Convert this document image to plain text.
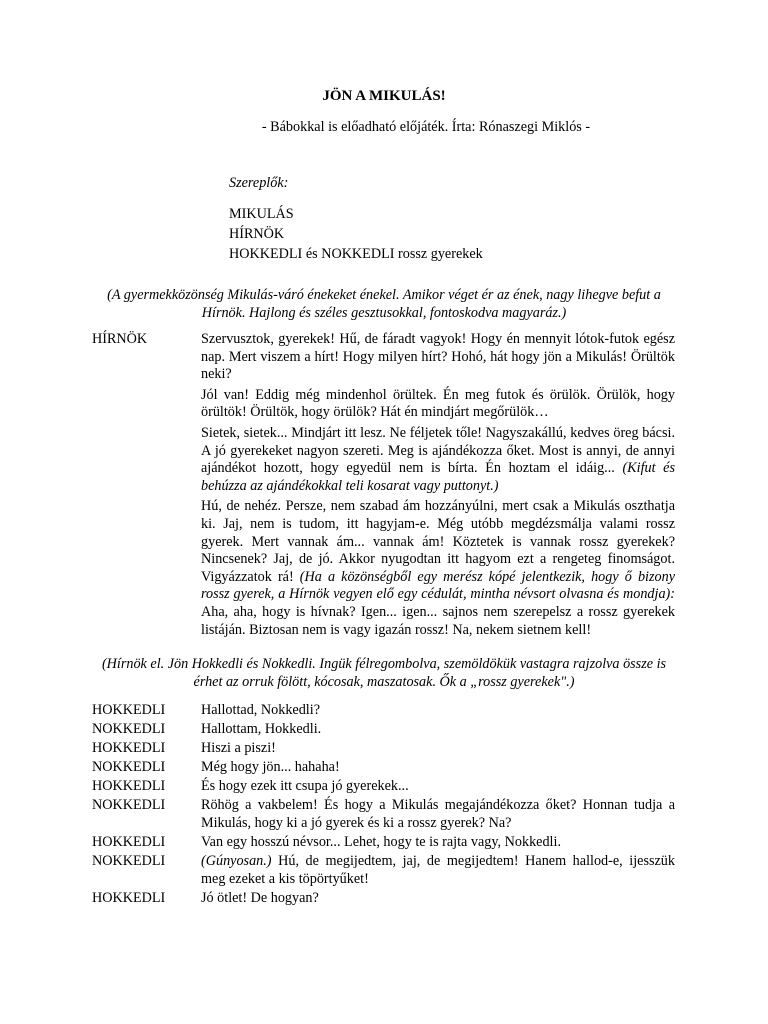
JÖN A MIKULÁS!
- Bábokkal is előadható előjáték. Írta: Rónaszegi Miklós -
Szereplők:
MIKULÁS
HÍRNÖK
HOKKEDLI és NOKKEDLI rossz gyerekek

(A gyermekközönség Mikulás-váró énekeket énekel. Amikor véget ér az ének, nagy lihegve befut a Hírnök. Hajlong és széles gesztusokkal, fontoskodva magyaráz.)

HÍRNÖK	Szervusztok, gyerekek! Hű, de fáradt vagyok! Hogy én mennyit lótok-futok egész nap. Mert viszem a hírt! Hogy milyen hírt? Hohó, hát hogy jön a Mikulás! Örültök neki?
Jól van! Eddig még mindenhol örültek. Én meg futok és örülök. Örülök, hogy örültök! Örültök, hogy örülök? Hát én mindjárt megőrülök…
Sietek, sietek... Mindjárt itt lesz. Ne féljetek tőle! Nagyszakállú, kedves öreg bácsi. A jó gyerekeket nagyon szereti. Meg is ajándékozza őket. Most is annyi, de annyi ajándékot hozott, hogy egyedül nem is bírta. Én hoztam el idáig... (Kifut és behúzza az ajándékokkal teli kosarat vagy puttonyt.)
Hú, de nehéz. Persze, nem szabad ám hozzányúlni, mert csak a Mikulás oszthatja ki. Jaj, nem is tudom, itt hagyjam-e. Még utóbb megdézsmálja valami rossz gyerek. Mert vannak ám... vannak ám! Köztetek is vannak rossz gyerekek? Nincsenek? Jaj, de jó. Akkor nyugodtan itt hagyom ezt a rengeteg finomságot. Vigyázzatok rá! (Ha a közönségből egy merész kópé jelentkezik, hogy ő bizony rossz gyerek, a Hírnök vegyen elő egy cédulát, mintha névsort olvasna és mondja): Aha, aha, hogy is hívnak? Igen... igen... sajnos nem szerepelsz a rossz gyerekek listáján. Biztosan nem is vagy igazán rossz! Na, nekem sietnem kell!

(Hírnök el. Jön Hokkedli és Nokkedli. Ingük félregombolva, szemöldökük vastagra rajzolva össze is érhet az orruk fölött, kócosak, maszatosak. Ők a „rossz gyerekek".)

HOKKEDLI	Hallottad, Nokkedli?
NOKKEDLI	Hallottam, Hokkedli.
HOKKEDLI	Hiszi a piszi!
NOKKEDLI	Még hogy jön... hahaha!
HOKKEDLI	És hogy ezek itt csupa jó gyerekek...
NOKKEDLI	Röhög a vakbelem! És hogy a Mikulás megajándékozza őket? Honnan tudja a Mikulás, hogy ki a jó gyerek és ki a rossz gyerek? Na?
HOKKEDLI	Van egy hosszú névsor... Lehet, hogy te is rajta vagy, Nokkedli.
NOKKEDLI	(Gúnyosan.) Hú, de megijedtem, jaj, de megijedtem! Hanem hallod-e, ijesszük meg ezeket a kis töpörtyűket!
HOKKEDLI	Jó ötlet! De hogyan?
